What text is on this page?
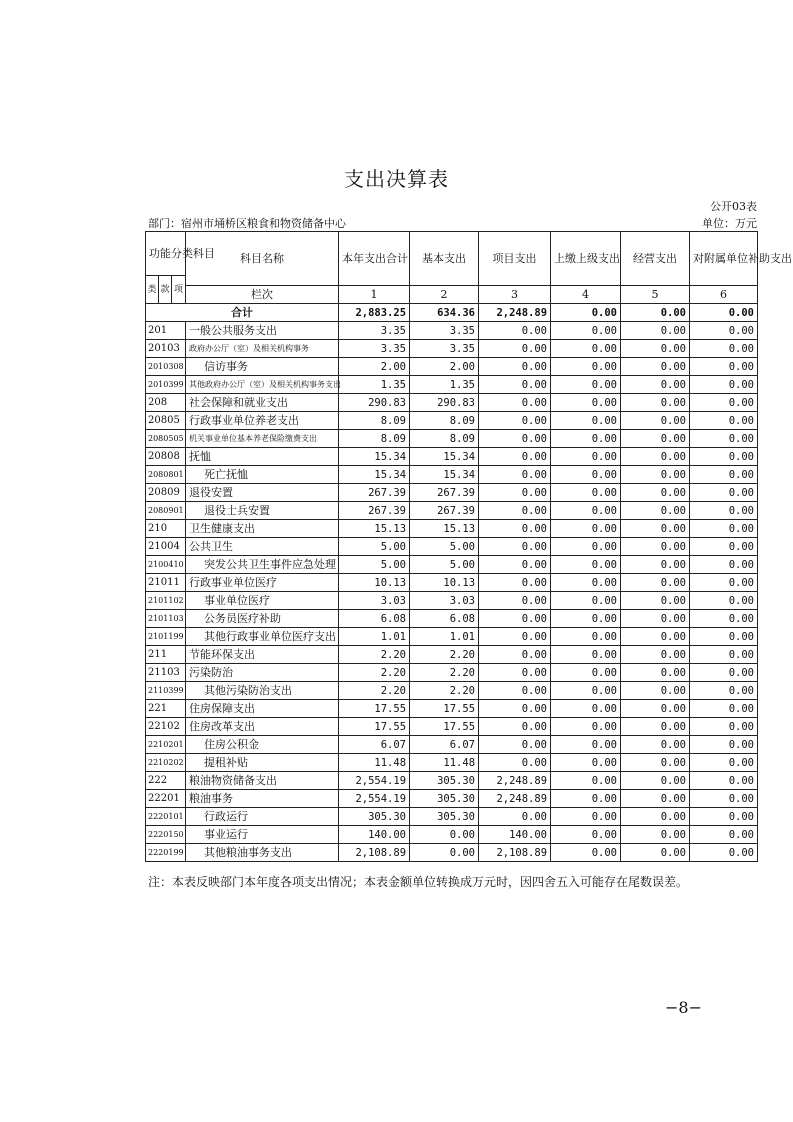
支出决算表
公开03表
部门：宿州市埇桥区粮食和物资储备中心	单位：万元
功能分类科目			科目名称	本年支出合计	基本支出	项目支出	上缴上级支出	经营支出	对附属单位补助支出
类	款	项							
			栏次	1	2	3	4	5	6
合计				2,883.25	634.36	2,248.89	0.00	0.00	0.00
201			一般公共服务支出	3.35	3.35	0.00	0.00	0.00	0.00
20103			政府办公厅（室）及相关机构事务	3.35	3.35	0.00	0.00	0.00	0.00
2010308			信访事务	2.00	2.00	0.00	0.00	0.00	0.00
2010399			其他政府办公厅（室）及相关机构事务支出	1.35	1.35	0.00	0.00	0.00	0.00
208			社会保障和就业支出	290.83	290.83	0.00	0.00	0.00	0.00
20805			行政事业单位养老支出	8.09	8.09	0.00	0.00	0.00	0.00
2080505			机关事业单位基本养老保险缴费支出	8.09	8.09	0.00	0.00	0.00	0.00
20808			抚恤	15.34	15.34	0.00	0.00	0.00	0.00
2080801			死亡抚恤	15.34	15.34	0.00	0.00	0.00	0.00
20809			退役安置	267.39	267.39	0.00	0.00	0.00	0.00
2080901			退役士兵安置	267.39	267.39	0.00	0.00	0.00	0.00
210			卫生健康支出	15.13	15.13	0.00	0.00	0.00	0.00
21004			公共卫生	5.00	5.00	0.00	0.00	0.00	0.00
2100410			突发公共卫生事件应急处理	5.00	5.00	0.00	0.00	0.00	0.00
21011			行政事业单位医疗	10.13	10.13	0.00	0.00	0.00	0.00
2101102			事业单位医疗	3.03	3.03	0.00	0.00	0.00	0.00
2101103			公务员医疗补助	6.08	6.08	0.00	0.00	0.00	0.00
2101199			其他行政事业单位医疗支出	1.01	1.01	0.00	0.00	0.00	0.00
211			节能环保支出	2.20	2.20	0.00	0.00	0.00	0.00
21103			污染防治	2.20	2.20	0.00	0.00	0.00	0.00
2110399			其他污染防治支出	2.20	2.20	0.00	0.00	0.00	0.00
221			住房保障支出	17.55	17.55	0.00	0.00	0.00	0.00
22102			住房改革支出	17.55	17.55	0.00	0.00	0.00	0.00
2210201			住房公积金	6.07	6.07	0.00	0.00	0.00	0.00
2210202			提租补贴	11.48	11.48	0.00	0.00	0.00	0.00
222			粮油物资储备支出	2,554.19	305.30	2,248.89	0.00	0.00	0.00
22201			粮油事务	2,554.19	305.30	2,248.89	0.00	0.00	0.00
2220101			行政运行	305.30	305.30	0.00	0.00	0.00	0.00
2220150			事业运行	140.00	0.00	140.00	0.00	0.00	0.00
2220199			其他粮油事务支出	2,108.89	0.00	2,108.89	0.00	0.00	0.00
注：本表反映部门本年度各项支出情况；本表金额单位转换成万元时，因四舍五入可能存在尾数误差。
−8−
